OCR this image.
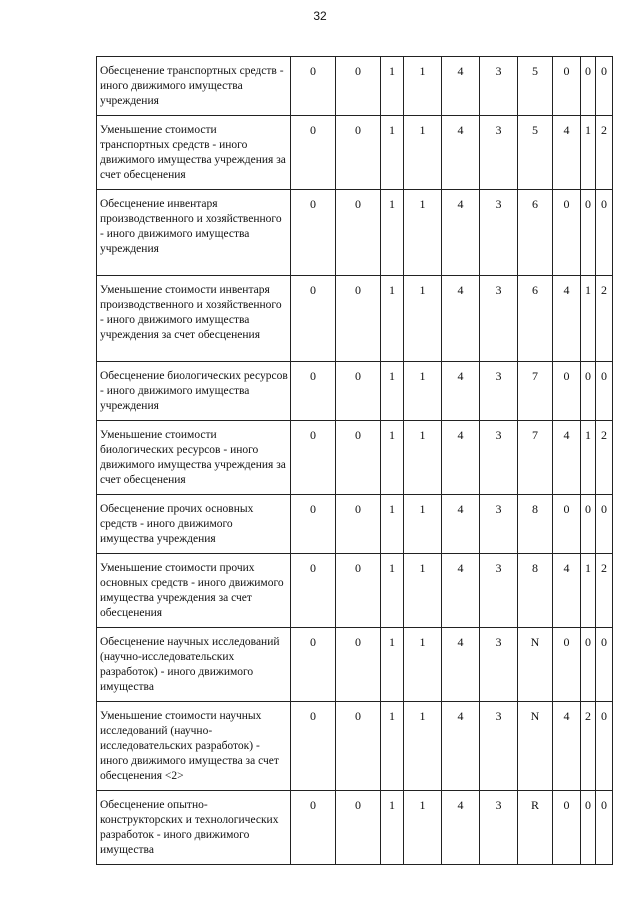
32
Обесценение транспортных средств - иного движимого имущества учреждения	0	0	1	1	4	3	5	0	0	0
Уменьшение стоимости транспортных средств - иного движимого имущества учреждения за счет обесценения	0	0	1	1	4	3	5	4	1	2
Обесценение инвентаря производственного и хозяйственного - иного движимого имущества учреждения	0	0	1	1	4	3	6	0	0	0
Уменьшение стоимости инвентаря производственного и хозяйственного - иного движимого имущества учреждения за счет обесценения	0	0	1	1	4	3	6	4	1	2
Обесценение биологических ресурсов - иного движимого имущества учреждения	0	0	1	1	4	3	7	0	0	0
Уменьшение стоимости биологических ресурсов - иного движимого имущества учреждения за счет обесценения	0	0	1	1	4	3	7	4	1	2
Обесценение прочих основных средств - иного движимого имущества учреждения	0	0	1	1	4	3	8	0	0	0
Уменьшение стоимости прочих основных средств - иного движимого имущества учреждения за счет обесценения	0	0	1	1	4	3	8	4	1	2
Обесценение научных исследований (научно-исследовательских разработок) - иного движимого имущества	0	0	1	1	4	3	N	0	0	0
Уменьшение стоимости научных исследований (научно-исследовательских разработок) - иного движимого имущества за счет обесценения <2>	0	0	1	1	4	3	N	4	2	0
Обесценение опытно-конструкторских и технологических разработок - иного движимого имущества	0	0	1	1	4	3	R	0	0	0
